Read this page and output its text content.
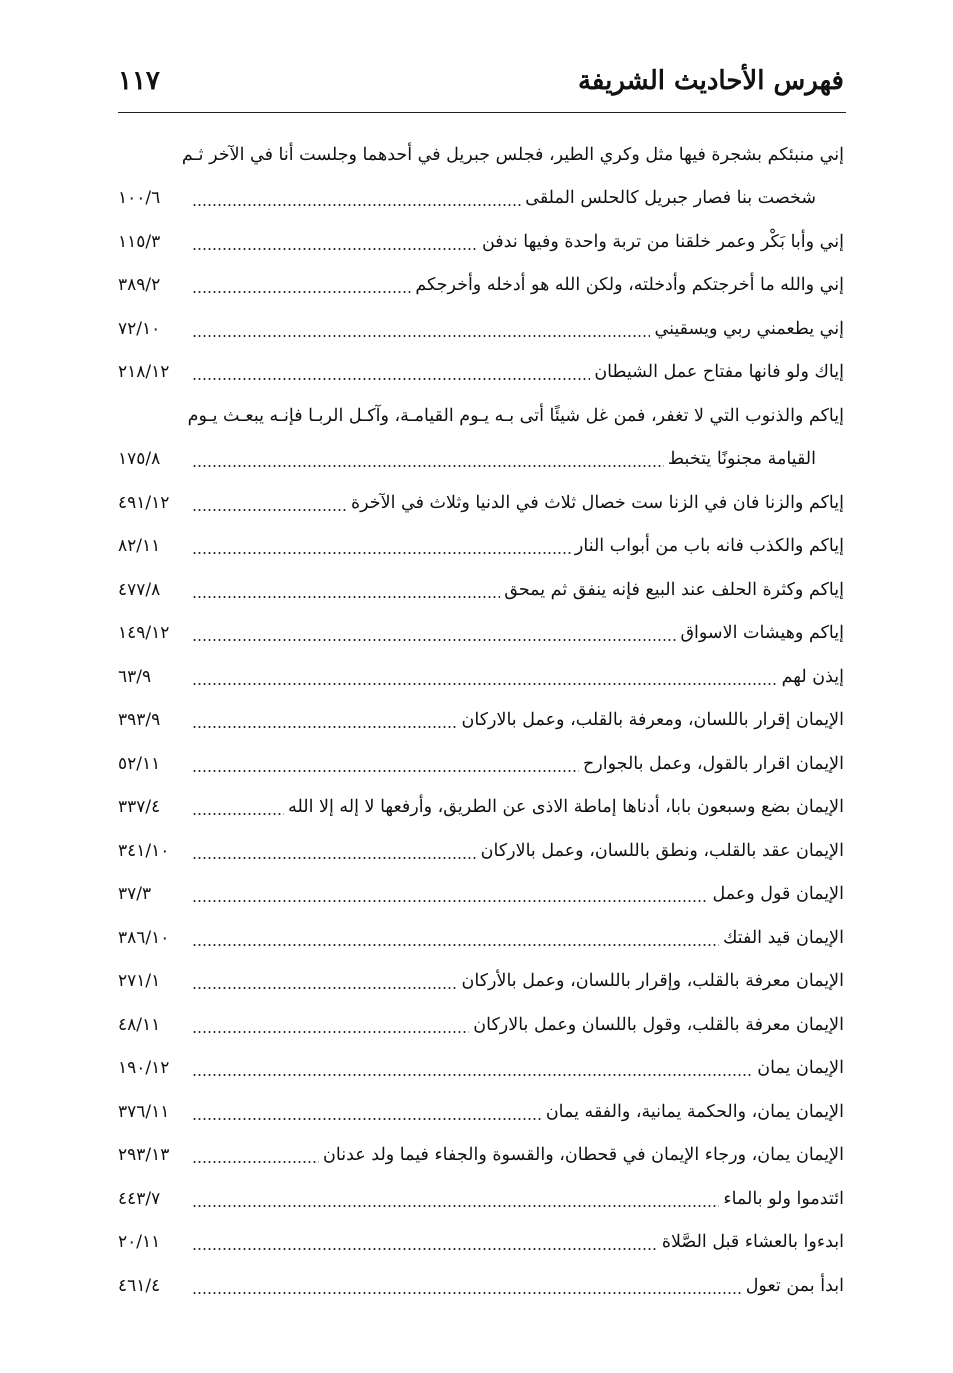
فهرس الأحاديث الشريفة
١١٧
إني منبئكم بشجرة فيها مثل وكري الطير، فجلس جبريل في أحدهما وجلست أنا في الآخر ثـم
شخصت بنا فصار جبريل كالحلس الملقى
١٠٠/٦
إني وأبا بَكْر وعمر خلقنا من تربة واحدة وفيها ندفن
١١٥/٣
إني والله ما أخرجتكم وأدخلته، ولكن الله هو أدخله وأخرجكم
٣٨٩/٢
إني يطعمني ربي ويسقيني
٧٢/١٠
إياك ولو فانها مفتاح عمل الشيطان
٢١٨/١٢
إياكم والذنوب التي لا تغفر، فمن غل شيئًا أتى بـه يـوم القيامـة، وآكـل الربـا فإنـه يبعـث يـوم
القيامة مجنونًا يتخبط
١٧٥/٨
إياكم والزنا فان في الزنا ست خصال ثلاث في الدنيا وثلاث في الآخرة
٤٩١/١٢
إياكم والكذب فانه باب من أبواب النار
٨٢/١١
إياكم وكثرة الحلف عند البيع فإنه ينفق ثم يمحق
٤٧٧/٨
إياكم وهيشات الاسواق
١٤٩/١٢
إيذن لهم
٦٣/٩
الإيمان إقرار باللسان، ومعرفة بالقلب، وعمل بالاركان
٣٩٣/٩
الإيمان اقرار بالقول، وعمل بالجوارح
٥٢/١١
الإيمان بضع وسبعون بابا، أدناها إماطة الاذى عن الطريق، وأرفعها لا إله إلا الله
٣٣٧/٤
الإيمان عقد بالقلب، ونطق باللسان، وعمل بالاركان
٣٤١/١٠
الإيمان قول وعمل
٣٧/٣
الإيمان قيد الفتك
٣٨٦/١٠
الإيمان معرفة بالقلب، وإقرار باللسان، وعمل بالأركان
٢٧١/١
الإيمان معرفة بالقلب، وقول باللسان وعمل بالاركان
٤٨/١١
الإيمان يمان
١٩٠/١٢
الإيمان يمان، والحكمة يمانية، والفقه يمان
٣٧٦/١١
الإيمان يمان، ورجاء الإيمان في قحطان، والقسوة والجفاء فيما ولد عدنان
٢٩٣/١٣
ائتدموا ولو بالماء
٤٤٣/٧
ابدءوا بالعشاء قبل الصَّلاة
٢٠/١١
ابدأ بمن تعول
٤٦١/٤
